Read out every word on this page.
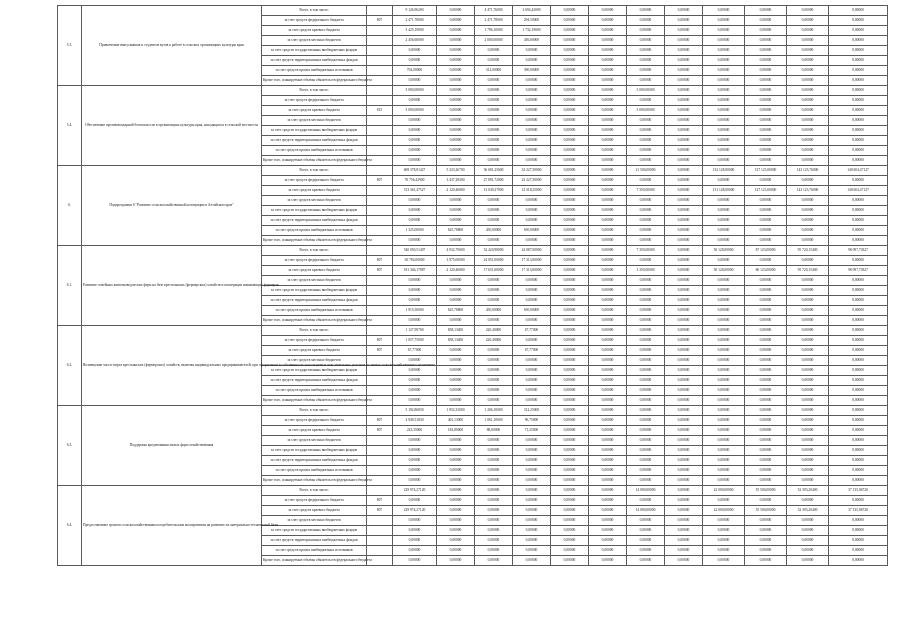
5.3.	Привлечение выпускников и студентов вузов к работе в сельских организациях культуры края	Всего, в том числе:		9 126,96200	0,00000	4 471,76000	2 694,42000	0,00000	0,00000	0,00000	0,00000	0,00000	0,00000	0,00000	0,00000
		за счет средств федерального бюджета	807	2 471,78000	0,00000	2 471,78000	294,50000	0,00000	0,00000	0,00000	0,00000	0,00000	0,00000	0,00000	0,00000
		за счет средств краевого бюджета		3 425,19000	0,00000	1 796,10000	1 732,19000	0,00000	0,00000	0,00000	0,00000	0,00000	0,00000	0,00000	0,00000
		за счет средств местных бюджетов		2 456,60000	0,00000	2 000,00000	456,60000	0,00000	0,00000	0,00000	0,00000	0,00000	0,00000	0,00000	0,00000
		за счет средств государственных внебюджетных фондов		0,00000	0,00000	0,00000	0,00000	0,00000	0,00000	0,00000	0,00000	0,00000	0,00000	0,00000	0,00000
		за счет средств территориальных внебюджетных фондов		0,00000	0,00000	0,00000	0,00000	0,00000	0,00000	0,00000	0,00000	0,00000	0,00000	0,00000	0,00000
		за счет средств прочих внебюджетных источников		702,00000	0,00000	312,00000	390,00000	0,00000	0,00000	0,00000	0,00000	0,00000	0,00000	0,00000	0,00000
		Кроме того, планируемые объемы обязательств федерального бюджета		0,00000	0,00000	0,00000	0,00000	0,00000	0,00000	0,00000	0,00000	0,00000	0,00000	0,00000	0,00000
5.4.	Обеспечение противопожарной безопасности в организациях культуры края, находящихся в сельской местности	Всего, в том числе:		3 000,00000	0,00000	0,00000	0,00000	0,00000	0,00000	3 000,00000	0,00000	0,00000	0,00000	0,00000	0,00000
		за счет средств федерального бюджета		0,00000	0,00000	0,00000	0,00000	0,00000	0,00000	0,00000	0,00000	0,00000	0,00000	0,00000	0,00000
		за счет средств краевого бюджета	815	3 000,00000	0,00000	0,00000	0,00000	0,00000	0,00000	3 000,00000	0,00000	0,00000	0,00000	0,00000	0,00000
		за счет средств местных бюджетов		0,00000	0,00000	0,00000	0,00000	0,00000	0,00000	0,00000	0,00000	0,00000	0,00000	0,00000	0,00000
		за счет средств государственных внебюджетных фондов		0,00000	0,00000	0,00000	0,00000	0,00000	0,00000	0,00000	0,00000	0,00000	0,00000	0,00000	0,00000
		за счет средств территориальных внебюджетных фондов		0,00000	0,00000	0,00000	0,00000	0,00000	0,00000	0,00000	0,00000	0,00000	0,00000	0,00000	0,00000
		за счет средств прочих внебюджетных источников		0,00000	0,00000	0,00000	0,00000	0,00000	0,00000	0,00000	0,00000	0,00000	0,00000	0,00000	0,00000
		Кроме того, планируемые объемы обязательств федерального бюджета		0,00000	0,00000	0,00000	0,00000	0,00000	0,00000	0,00000	0,00000	0,00000	0,00000	0,00000	0,00000
6.	Подпрограмма 6 "Развитие сельскохозяйственной кооперации в Алтайском крае"	Всего, в том числе:		608 378,81427	5 323,26700	36 681,25600	32 227,50000	0,00000	0,00000	21 500,00000	0,00000	132 128,80000	127 123,00000	143 123,76000	140 604,47127
		за счет средств федерального бюджета	807	76 756,42900	3 437,28300	27 891,72000	23 227,50000	0,00000	0,00000	0,00000	0,00000	0,00000	0,00000	0,00000	0,00000
		за счет средств краевого бюджета		513 361,47527	2 120,46800	13 049,27000	12 318,25000	0,00000	0,00000	7 350,00000	0,00000	131 128,00000	127 123,00000	143 123,76000	140 604,47127
		за счет средств местных бюджетов		0,00000	0,00000	0,00000	0,00000	0,00000	0,00000	0,00000	0,00000	0,00000	0,00000	0,00000	0,00000
		за счет средств государственных внебюджетных фондов		0,00000	0,00000	0,00000	0,00000	0,00000	0,00000	0,00000	0,00000	0,00000	0,00000	0,00000	0,00000
		за счет средств территориальных внебюджетных фондов		0,00000	0,00000	0,00000	0,00000	0,00000	0,00000	0,00000	0,00000	0,00000	0,00000	0,00000	0,00000
		за счет средств прочих внебюджетных источников		1 325,00000	625,78800	450,00000	650,00000	0,00000	0,00000	0,00000	0,00000	0,00000	0,00000	0,00000	0,00000
		Кроме того, планируемые объемы обязательств федерального бюджета		0,00000	0,00000	0,00000	0,00000	0,00000	0,00000	0,00000	0,00000	0,00000	0,00000	0,00000	0,00000
6.1.	Развитие семейных животноводческих ферм на базе крестьянских (фермерских) хозяйств и кооперации начинающих фермеров	Всего, в том числе:		540 050,51407	4 932,79000	32 420,98000	24 087,00000	0,00000	0,00000	7 350,00000	0,00000	50 128,00000	87 123,00000	95 720,15400	98 097,70327
		за счет средств федерального бюджета	807	65 784,00000	3 975,00000	24 051,00000	17 313,00000	0,00000	0,00000	0,00000	0,00000	0,00000	0,00000	0,00000	0,00000
		за счет средств краевого бюджета	807	181 346,17887	2 120,46800	17 651,00000	17 313,00000	0,00000	0,00000	3 350,00000	0,00000	50 128,00000	86 123,00000	95 720,15400	98 097,70327
		за счет средств местных бюджетов		0,00000	0,00000	0,00000	0,00000	0,00000	0,00000	0,00000	0,00000	0,00000	0,00000	0,00000	0,00000
		за счет средств государственных внебюджетных фондов		0,00000	0,00000	0,00000	0,00000	0,00000	0,00000	0,00000	0,00000	0,00000	0,00000	0,00000	0,00000
		за счет средств территориальных внебюджетных фондов		0,00000	0,00000	0,00000	0,00000	0,00000	0,00000	0,00000	0,00000	0,00000	0,00000	0,00000	0,00000
		за счет средств прочих внебюджетных источников		1 915,50000	625,78800	450,00000	650,00000	0,00000	0,00000	0,00000	0,00000	0,00000	0,00000	0,00000	0,00000
		Кроме того, планируемые объемы обязательств федерального бюджета		0,00000	0,00000	0,00000	0,00000	0,00000	0,00000	0,00000	0,00000	0,00000	0,00000	0,00000	0,00000
6.2.	Возмещение части затрат крестьянских (фермерских) хозяйств, включая индивидуальных предпринимателей, при оформлении в собственность используемых ими земельных участков из земель сельскохозяйственного назначения	Всего, в том числе:		1 127,99700	838,13400	220,40000	67,77000	0,00000	0,00000	0,00000	0,00000	0,00000	0,00000	0,00000	0,00000
		за счет средств федерального бюджета	807	1 057,75000	838,13400	220,40000	0,00000	0,00000	0,00000	0,00000	0,00000	0,00000	0,00000	0,00000	0,00000
		за счет средств краевого бюджета	807	67,77000	0,00000	0,00000	67,77000	0,00000	0,00000	0,00000	0,00000	0,00000	0,00000	0,00000	0,00000
		за счет средств местных бюджетов		0,00000	0,00000	0,00000	0,00000	0,00000	0,00000	0,00000	0,00000	0,00000	0,00000	0,00000	0,00000
		за счет средств государственных внебюджетных фондов		0,00000	0,00000	0,00000	0,00000	0,00000	0,00000	0,00000	0,00000	0,00000	0,00000	0,00000	0,00000
		за счет средств территориальных внебюджетных фондов		0,00000	0,00000	0,00000	0,00000	0,00000	0,00000	0,00000	0,00000	0,00000	0,00000	0,00000	0,00000
		за счет средств прочих внебюджетных источников		0,00000	0,00000	0,00000	0,00000	0,00000	0,00000	0,00000	0,00000	0,00000	0,00000	0,00000	0,00000
		Кроме того, планируемые объемы обязательств федерального бюджета		0,00000	0,00000	0,00000	0,00000	0,00000	0,00000	0,00000	0,00000	0,00000	0,00000	0,00000	0,00000
6.3.	Поддержка кредитования малых форм хозяйствования	Всего, в том числе:		5 192,86830	1 852,33000	1 206,10000	312,25000	0,00000	0,00000	0,00000	0,00000	0,00000	0,00000	0,00000	0,00000
		за счет средств федерального бюджета	807	4 949,51830	401,13000	1 061,10000	96,75000	0,00000	0,00000	0,00000	0,00000	0,00000	0,00000	0,00000	0,00000
		за счет средств краевого бюджета	807	243,35000	182,80000	88,00000	71,25000	0,00000	0,00000	0,00000	0,00000	0,00000	0,00000	0,00000	0,00000
		за счет средств местных бюджетов		0,00000	0,00000	0,00000	0,00000	0,00000	0,00000	0,00000	0,00000	0,00000	0,00000	0,00000	0,00000
		за счет средств государственных внебюджетных фондов		0,00000	0,00000	0,00000	0,00000	0,00000	0,00000	0,00000	0,00000	0,00000	0,00000	0,00000	0,00000
		за счет средств территориальных внебюджетных фондов		0,00000	0,00000	0,00000	0,00000	0,00000	0,00000	0,00000	0,00000	0,00000	0,00000	0,00000	0,00000
		за счет средств прочих внебюджетных источников		0,00000	0,00000	0,00000	0,00000	0,00000	0,00000	0,00000	0,00000	0,00000	0,00000	0,00000	0,00000
		Кроме того, планируемые объемы обязательств федерального бюджета		0,00000	0,00000	0,00000	0,00000	0,00000	0,00000	0,00000	0,00000	0,00000	0,00000	0,00000	0,00000
6.4.	Предоставление грантов сельскохозяйственным потребительским кооперативам на развитие их материально-технической базы	Всего, в том числе:		229 974,27120	0,00000	0,00000	0,00000	0,00000	0,00000	14 000,00000	0,00000	22 000,00000	55 500,00000	52 393,20400	37 135,06720
		за счет средств федерального бюджета	807	0,00000	0,00000	0,00000	0,00000	0,00000	0,00000	0,00000	0,00000	0,00000	0,00000	0,00000	0,00000
		за счет средств краевого бюджета	807	229 974,27120	0,00000	0,00000	0,00000	0,00000	0,00000	14 000,00000	0,00000	22 000,00000	55 500,00000	52 393,20400	37 135,06720
		за счет средств местных бюджетов		0,00000	0,00000	0,00000	0,00000	0,00000	0,00000	0,00000	0,00000	0,00000	0,00000	0,00000	0,00000
		за счет средств государственных внебюджетных фондов		0,00000	0,00000	0,00000	0,00000	0,00000	0,00000	0,00000	0,00000	0,00000	0,00000	0,00000	0,00000
		за счет средств территориальных внебюджетных фондов		0,00000	0,00000	0,00000	0,00000	0,00000	0,00000	0,00000	0,00000	0,00000	0,00000	0,00000	0,00000
		за счет средств прочих внебюджетных источников		0,00000	0,00000	0,00000	0,00000	0,00000	0,00000	0,00000	0,00000	0,00000	0,00000	0,00000	0,00000
		Кроме того, планируемые объемы обязательств федерального бюджета		0,00000	0,00000	0,00000	0,00000	0,00000	0,00000	0,00000	0,00000	0,00000	0,00000	0,00000	0,00000
